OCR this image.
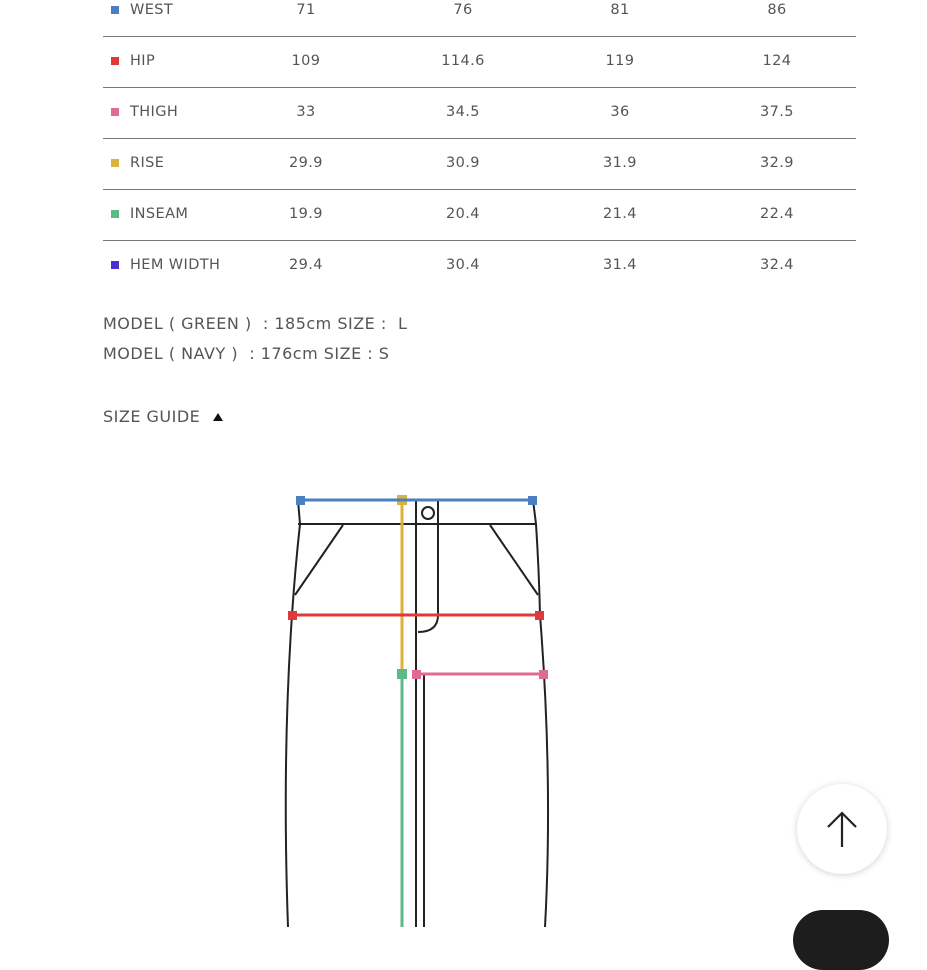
WEST	71	76	81	86
HIP	109	114.6	119	124
THIGH	33	34.5	36	37.5
RISE	29.9	30.9	31.9	32.9
INSEAM	19.9	20.4	21.4	22.4
HEM WIDTH	29.4	30.4	31.4	32.4
MODEL ( GREEN )  : 185cm SIZE :  L
MODEL ( NAVY )  : 176cm SIZE : S
SIZE GUIDE
